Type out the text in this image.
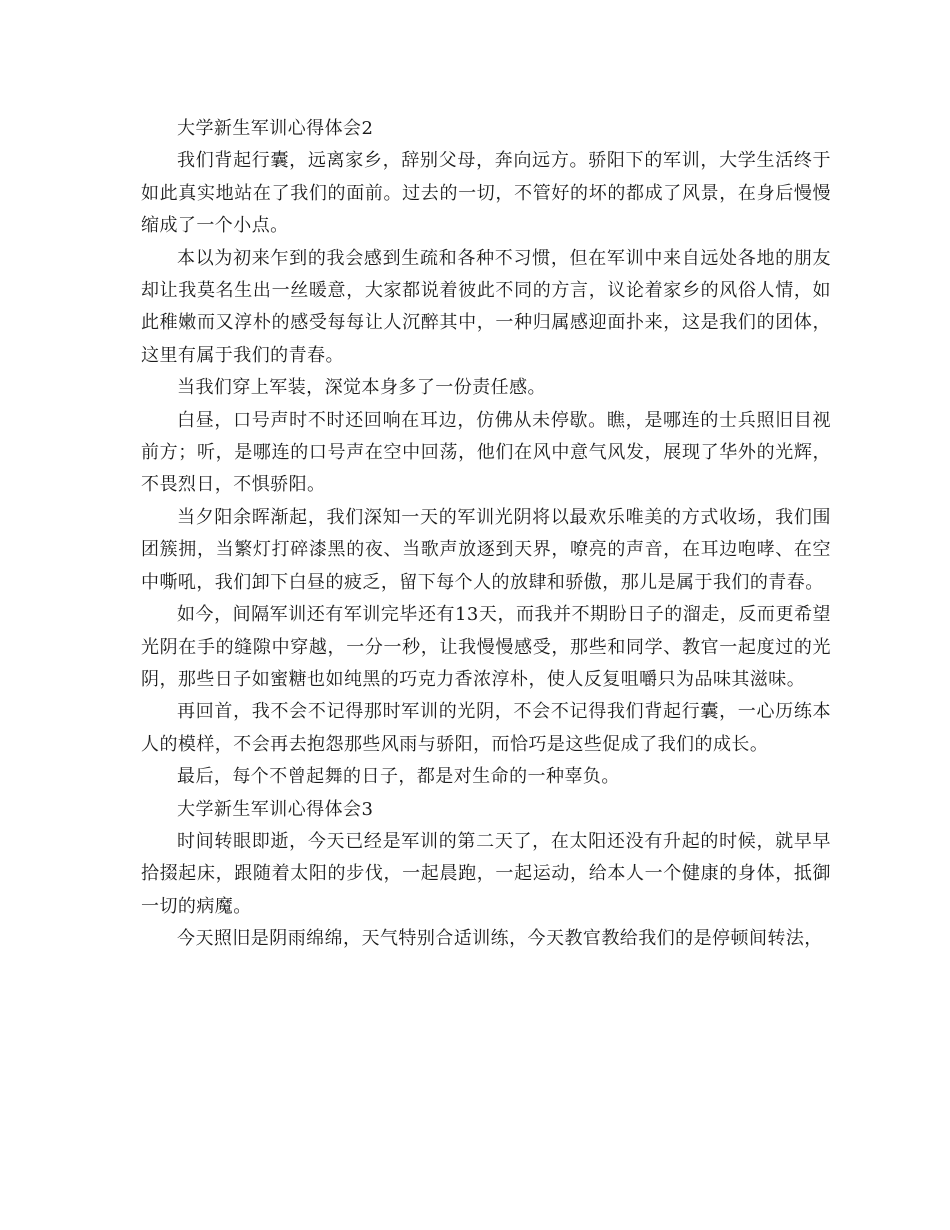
大学新生军训心得体会2

我们背起行囊，远离家乡，辞别父母，奔向远方。骄阳下的军训，大学生活终于如此真实地站在了我们的面前。过去的一切，不管好的坏的都成了风景，在身后慢慢缩成了一个小点。

本以为初来乍到的我会感到生疏和各种不习惯，但在军训中来自远处各地的朋友却让我莫名生出一丝暖意，大家都说着彼此不同的方言，议论着家乡的风俗人情，如此稚嫩而又淳朴的感受每每让人沉醉其中，一种归属感迎面扑来，这是我们的团体，这里有属于我们的青春。

当我们穿上军装，深觉本身多了一份责任感。

白昼，口号声时不时还回响在耳边，仿佛从未停歇。瞧，是哪连的士兵照旧目视前方；听，是哪连的口号声在空中回荡，他们在风中意气风发，展现了华外的光辉，不畏烈日，不惧骄阳。

当夕阳余晖渐起，我们深知一天的军训光阴将以最欢乐唯美的方式收场，我们围团簇拥，当繁灯打碎漆黑的夜、当歌声放逐到天界，嘹亮的声音，在耳边咆哮、在空中嘶吼，我们卸下白昼的疲乏，留下每个人的放肆和骄傲，那儿是属于我们的青春。

如今，间隔军训还有军训完毕还有13天，而我并不期盼日子的溜走，反而更希望光阴在手的缝隙中穿越，一分一秒，让我慢慢感受，那些和同学、教官一起度过的光阴，那些日子如蜜糖也如纯黑的巧克力香浓淳朴，使人反复咀嚼只为品味其滋味。

再回首，我不会不记得那时军训的光阴，不会不记得我们背起行囊，一心历练本人的模样，不会再去抱怨那些风雨与骄阳，而恰巧是这些促成了我们的成长。

最后，每个不曾起舞的日子，都是对生命的一种辜负。

大学新生军训心得体会3

时间转眼即逝，今天已经是军训的第二天了，在太阳还没有升起的时候，就早早拾掇起床，跟随着太阳的步伐，一起晨跑，一起运动，给本人一个健康的身体，抵御一切的病魔。

今天照旧是阴雨绵绵，天气特别合适训练，今天教官教给我们的是停顿间转法，
